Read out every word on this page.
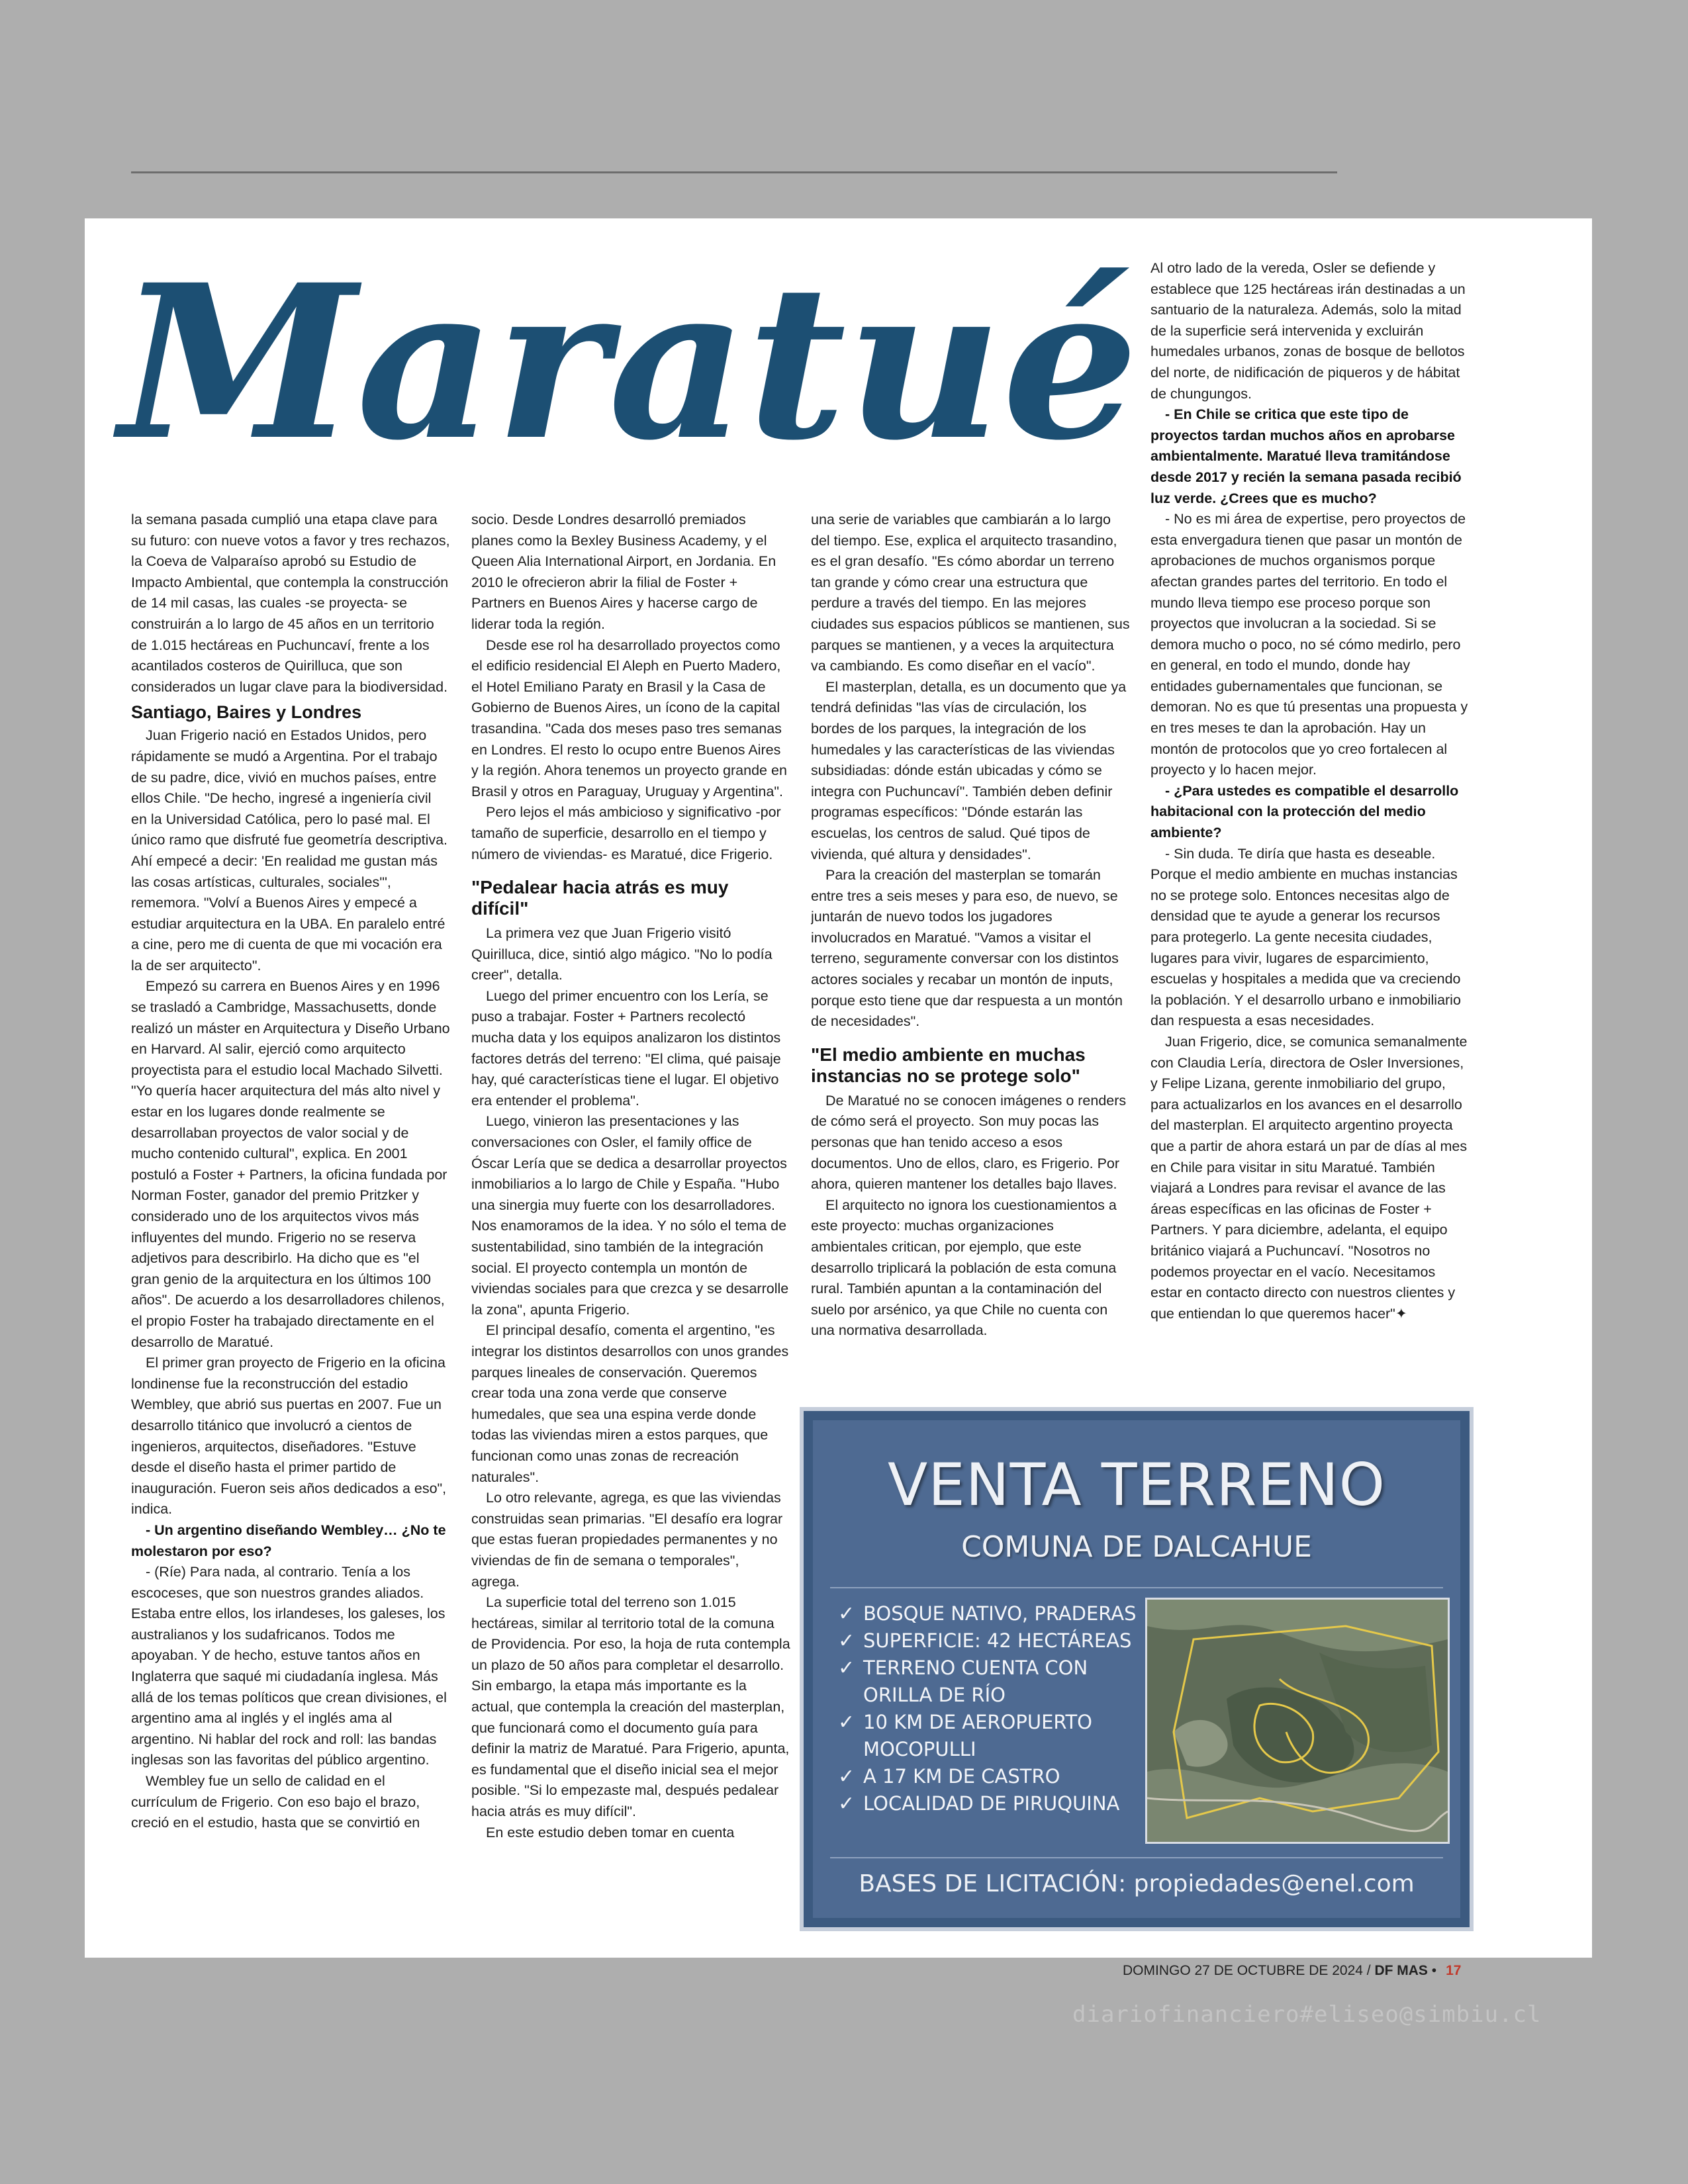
Maratué

la semana pasada cumplió una etapa clave para su futuro: con nueve votos a favor y tres rechazos, la Coeva de Valparaíso aprobó su Estudio de Impacto Ambiental, que contempla la construcción de 14 mil casas, las cuales -se proyecta- se construirán a lo largo de 45 años en un territorio de 1.015 hectáreas en Puchuncaví, frente a los acantilados costeros de Quirilluca, que son considerados un lugar clave para la biodiversidad.

Santiago, Baires y Londres

Juan Frigerio nació en Estados Unidos, pero rápidamente se mudó a Argentina. Por el trabajo de su padre, dice, vivió en muchos países, entre ellos Chile. "De hecho, ingresé a ingeniería civil en la Universidad Católica, pero lo pasé mal. El único ramo que disfruté fue geometría descriptiva. Ahí empecé a decir: 'En realidad me gustan más las cosas artísticas, culturales, sociales'", rememora. "Volví a Buenos Aires y empecé a estudiar arquitectura en la UBA. En paralelo entré a cine, pero me di cuenta de que mi vocación era la de ser arquitecto".

Empezó su carrera en Buenos Aires y en 1996 se trasladó a Cambridge, Massachusetts, donde realizó un máster en Arquitectura y Diseño Urbano en Harvard. Al salir, ejerció como arquitecto proyectista para el estudio local Machado Silvetti. "Yo quería hacer arquitectura del más alto nivel y estar en los lugares donde realmente se desarrollaban proyectos de valor social y de mucho contenido cultural", explica. En 2001 postuló a Foster + Partners, la oficina fundada por Norman Foster, ganador del premio Pritzker y considerado uno de los arquitectos vivos más influyentes del mundo. Frigerio no se reserva adjetivos para describirlo. Ha dicho que es "el gran genio de la arquitectura en los últimos 100 años". De acuerdo a los desarrolladores chilenos, el propio Foster ha trabajado directamente en el desarrollo de Maratué.

El primer gran proyecto de Frigerio en la oficina londinense fue la reconstrucción del estadio Wembley, que abrió sus puertas en 2007. Fue un desarrollo titánico que involucró a cientos de ingenieros, arquitectos, diseñadores. "Estuve desde el diseño hasta el primer partido de inauguración. Fueron seis años dedicados a eso", indica.

- Un argentino diseñando Wembley… ¿No te molestaron por eso?

- (Ríe) Para nada, al contrario. Tenía a los escoceses, que son nuestros grandes aliados. Estaba entre ellos, los irlandeses, los galeses, los australianos y los sudafricanos. Todos me apoyaban. Y de hecho, estuve tantos años en Inglaterra que saqué mi ciudadanía inglesa. Más allá de los temas políticos que crean divisiones, el argentino ama al inglés y el inglés ama al argentino. Ni hablar del rock and roll: las bandas inglesas son las favoritas del público argentino.

Wembley fue un sello de calidad en el currículum de Frigerio. Con eso bajo el brazo, creció en el estudio, hasta que se convirtió en

socio. Desde Londres desarrolló premiados planes como la Bexley Business Academy, y el Queen Alia International Airport, en Jordania. En 2010 le ofrecieron abrir la filial de Foster + Partners en Buenos Aires y hacerse cargo de liderar toda la región.

Desde ese rol ha desarrollado proyectos como el edificio residencial El Aleph en Puerto Madero, el Hotel Emiliano Paraty en Brasil y la Casa de Gobierno de Buenos Aires, un ícono de la capital trasandina. "Cada dos meses paso tres semanas en Londres. El resto lo ocupo entre Buenos Aires y la región. Ahora tenemos un proyecto grande en Brasil y otros en Paraguay, Uruguay y Argentina".

Pero lejos el más ambicioso y significativo -por tamaño de superficie, desarrollo en el tiempo y número de viviendas- es Maratué, dice Frigerio.

"Pedalear hacia atrás es muy difícil"

La primera vez que Juan Frigerio visitó Quirilluca, dice, sintió algo mágico. "No lo podía creer", detalla.

Luego del primer encuentro con los Lería, se puso a trabajar. Foster + Partners recolectó mucha data y los equipos analizaron los distintos factores detrás del terreno: "El clima, qué paisaje hay, qué características tiene el lugar. El objetivo era entender el problema".

Luego, vinieron las presentaciones y las conversaciones con Osler, el family office de Óscar Lería que se dedica a desarrollar proyectos inmobiliarios a lo largo de Chile y España. "Hubo una sinergia muy fuerte con los desarrolladores. Nos enamoramos de la idea. Y no sólo el tema de sustentabilidad, sino también de la integración social. El proyecto contempla un montón de viviendas sociales para que crezca y se desarrolle la zona", apunta Frigerio.

El principal desafío, comenta el argentino, "es integrar los distintos desarrollos con unos grandes parques lineales de conservación. Queremos crear toda una zona verde que conserve humedales, que sea una espina verde donde todas las viviendas miren a estos parques, que funcionan como unas zonas de recreación naturales".

Lo otro relevante, agrega, es que las viviendas construidas sean primarias. "El desafío era lograr que estas fueran propiedades permanentes y no viviendas de fin de semana o temporales", agrega.

La superficie total del terreno son 1.015 hectáreas, similar al territorio total de la comuna de Providencia. Por eso, la hoja de ruta contempla un plazo de 50 años para completar el desarrollo. Sin embargo, la etapa más importante es la actual, que contempla la creación del masterplan, que funcionará como el documento guía para definir la matriz de Maratué. Para Frigerio, apunta, es fundamental que el diseño inicial sea el mejor posible. "Si lo empezaste mal, después pedalear hacia atrás es muy difícil".

En este estudio deben tomar en cuenta

una serie de variables que cambiarán a lo largo del tiempo. Ese, explica el arquitecto trasandino, es el gran desafío. "Es cómo abordar un terreno tan grande y cómo crear una estructura que perdure a través del tiempo. En las mejores ciudades sus espacios públicos se mantienen, sus parques se mantienen, y a veces la arquitectura va cambiando. Es como diseñar en el vacío".

El masterplan, detalla, es un documento que ya tendrá definidas "las vías de circulación, los bordes de los parques, la integración de los humedales y las características de las viviendas subsidiadas: dónde están ubicadas y cómo se integra con Puchuncaví". También deben definir programas específicos: "Dónde estarán las escuelas, los centros de salud. Qué tipos de vivienda, qué altura y densidades".

Para la creación del masterplan se tomarán entre tres a seis meses y para eso, de nuevo, se juntarán de nuevo todos los jugadores involucrados en Maratué. "Vamos a visitar el terreno, seguramente conversar con los distintos actores sociales y recabar un montón de inputs, porque esto tiene que dar respuesta a un montón de necesidades".

"El medio ambiente en muchas instancias no se protege solo"

De Maratué no se conocen imágenes o renders de cómo será el proyecto. Son muy pocas las personas que han tenido acceso a esos documentos. Uno de ellos, claro, es Frigerio. Por ahora, quieren mantener los detalles bajo llaves.

El arquitecto no ignora los cuestionamientos a este proyecto: muchas organizaciones ambientales critican, por ejemplo, que este desarrollo triplicará la población de esta comuna rural. También apuntan a la contaminación del suelo por arsénico, ya que Chile no cuenta con una normativa desarrollada.

Al otro lado de la vereda, Osler se defiende y establece que 125 hectáreas irán destinadas a un santuario de la naturaleza. Además, solo la mitad de la superficie será intervenida y excluirán humedales urbanos, zonas de bosque de bellotos del norte, de nidificación de piqueros y de hábitat de chungungos.

- En Chile se critica que este tipo de proyectos tardan muchos años en aprobarse ambientalmente. Maratué lleva tramitándose desde 2017 y recién la semana pasada recibió luz verde. ¿Crees que es mucho?

- No es mi área de expertise, pero proyectos de esta envergadura tienen que pasar un montón de aprobaciones de muchos organismos porque afectan grandes partes del territorio. En todo el mundo lleva tiempo ese proceso porque son proyectos que involucran a la sociedad. Si se demora mucho o poco, no sé cómo medirlo, pero en general, en todo el mundo, donde hay entidades gubernamentales que funcionan, se demoran. No es que tú presentas una propuesta y en tres meses te dan la aprobación. Hay un montón de protocolos que yo creo fortalecen al proyecto y lo hacen mejor.

- ¿Para ustedes es compatible el desarrollo habitacional con la protección del medio ambiente?

- Sin duda. Te diría que hasta es deseable. Porque el medio ambiente en muchas instancias no se protege solo. Entonces necesitas algo de densidad que te ayude a generar los recursos para protegerlo. La gente necesita ciudades, lugares para vivir, lugares de esparcimiento, escuelas y hospitales a medida que va creciendo la población. Y el desarrollo urbano e inmobiliario dan respuesta a esas necesidades.

Juan Frigerio, dice, se comunica semanalmente con Claudia Lería, directora de Osler Inversiones, y Felipe Lizana, gerente inmobiliario del grupo, para actualizarlos en los avances en el desarrollo del masterplan. El arquitecto argentino proyecta que a partir de ahora estará un par de días al mes en Chile para visitar in situ Maratué. También viajará a Londres para revisar el avance de las áreas específicas en las oficinas de Foster + Partners. Y para diciembre, adelanta, el equipo británico viajará a Puchuncaví. "Nosotros no podemos proyectar en el vacío. Necesitamos estar en contacto directo con nuestros clientes y que entiendan lo que queremos hacer"✦

VENTA TERRENO
COMUNA DE DALCAHUE
✓ BOSQUE NATIVO, PRADERAS
✓ SUPERFICIE: 42 HECTÁREAS
✓ TERRENO CUENTA CON ORILLA DE RÍO
✓ 10 KM DE AEROPUERTO MOCOPULLI
✓ A 17 KM DE CASTRO
✓ LOCALIDAD DE PIRUQUINA
BASES DE LICITACIÓN: propiedades@enel.com
DOMINGO 27 DE OCTUBRE DE 2024 / DF MAS • 17
diariofinanciero#eliseo@simbiu.cl
